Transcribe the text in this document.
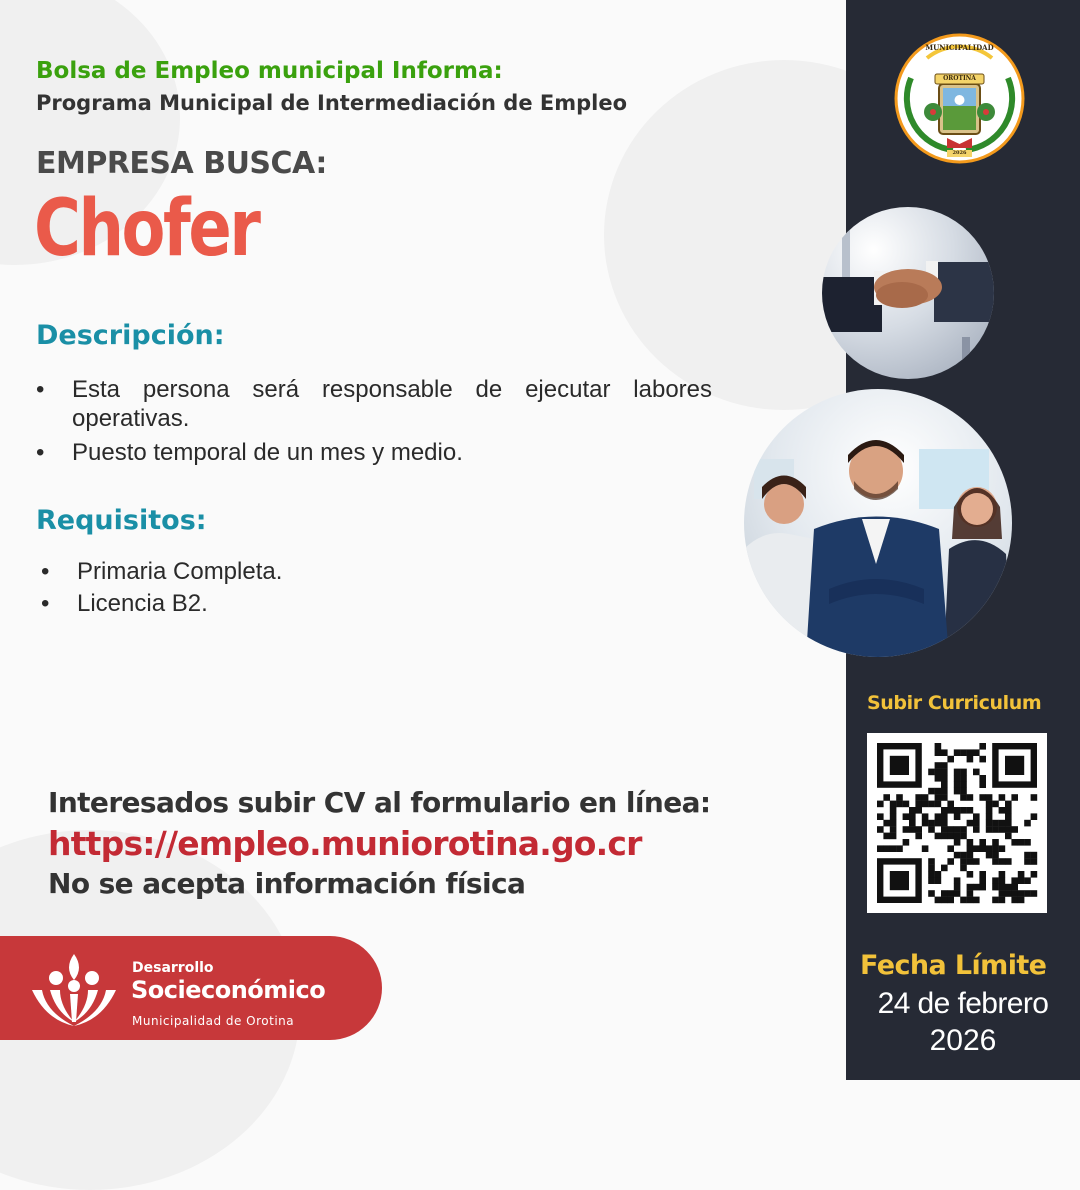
Bolsa de Empleo municipal Informa:

Programa Municipal de Intermediación de Empleo

EMPRESA BUSCA:

Chofer

Descripción:

• Esta persona será responsable de ejecutar labores
operativas.
• Puesto temporal de un mes y medio.

Requisitos:

• Primaria Completa.
• Licencia B2.

Interesados subir CV al formulario en línea:

https://empleo.muniorotina.go.cr

No se acepta información física

MUNICIPALIDAD
OROTINA
2026

Subir Curriculum

Fecha Límite

24 de febrero

2026

Desarrollo
Socieconómico
Municipalidad de Orotina
